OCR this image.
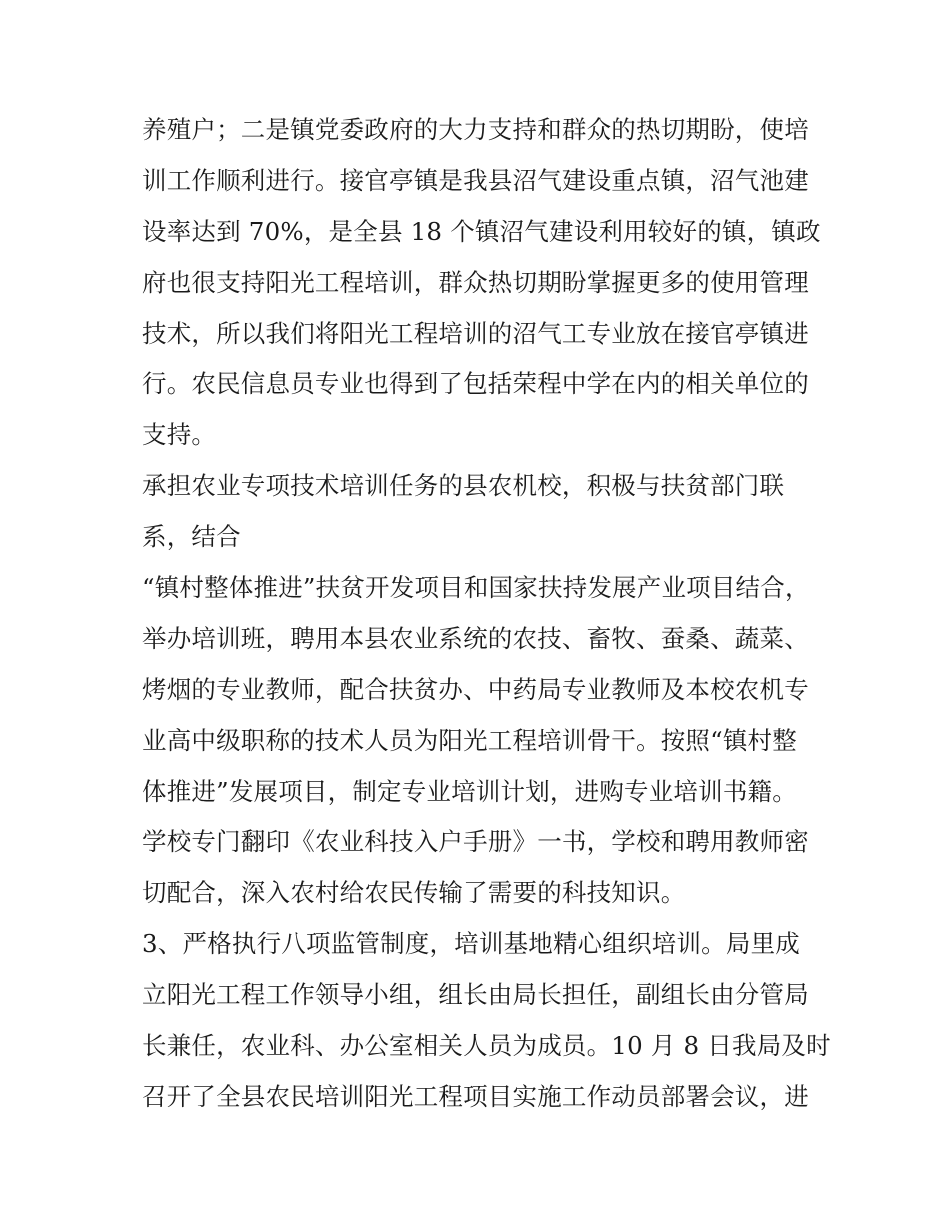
养殖户；二是镇党委政府的大力支持和群众的热切期盼，使培
训工作顺利进行。接官亭镇是我县沼气建设重点镇，沼气池建
设率达到 70%，是全县 18 个镇沼气建设利用较好的镇，镇政
府也很支持阳光工程培训，群众热切期盼掌握更多的使用管理
技术，所以我们将阳光工程培训的沼气工专业放在接官亭镇进
行。农民信息员专业也得到了包括荣程中学在内的相关单位的
支持。
承担农业专项技术培训任务的县农机校，积极与扶贫部门联
系，结合
“镇村整体推进”扶贫开发项目和国家扶持发展产业项目结合，
举办培训班，聘用本县农业系统的农技、畜牧、蚕桑、蔬菜、
烤烟的专业教师，配合扶贫办、中药局专业教师及本校农机专
业高中级职称的技术人员为阳光工程培训骨干。按照“镇村整
体推进”发展项目，制定专业培训计划，进购专业培训书籍。
学校专门翻印《农业科技入户手册》一书，学校和聘用教师密
切配合，深入农村给农民传输了需要的科技知识。
3、严格执行八项监管制度，培训基地精心组织培训。局里成
立阳光工程工作领导小组，组长由局长担任，副组长由分管局
长兼任，农业科、办公室相关人员为成员。10 月 8 日我局及时
召开了全县农民培训阳光工程项目实施工作动员部署会议，进
